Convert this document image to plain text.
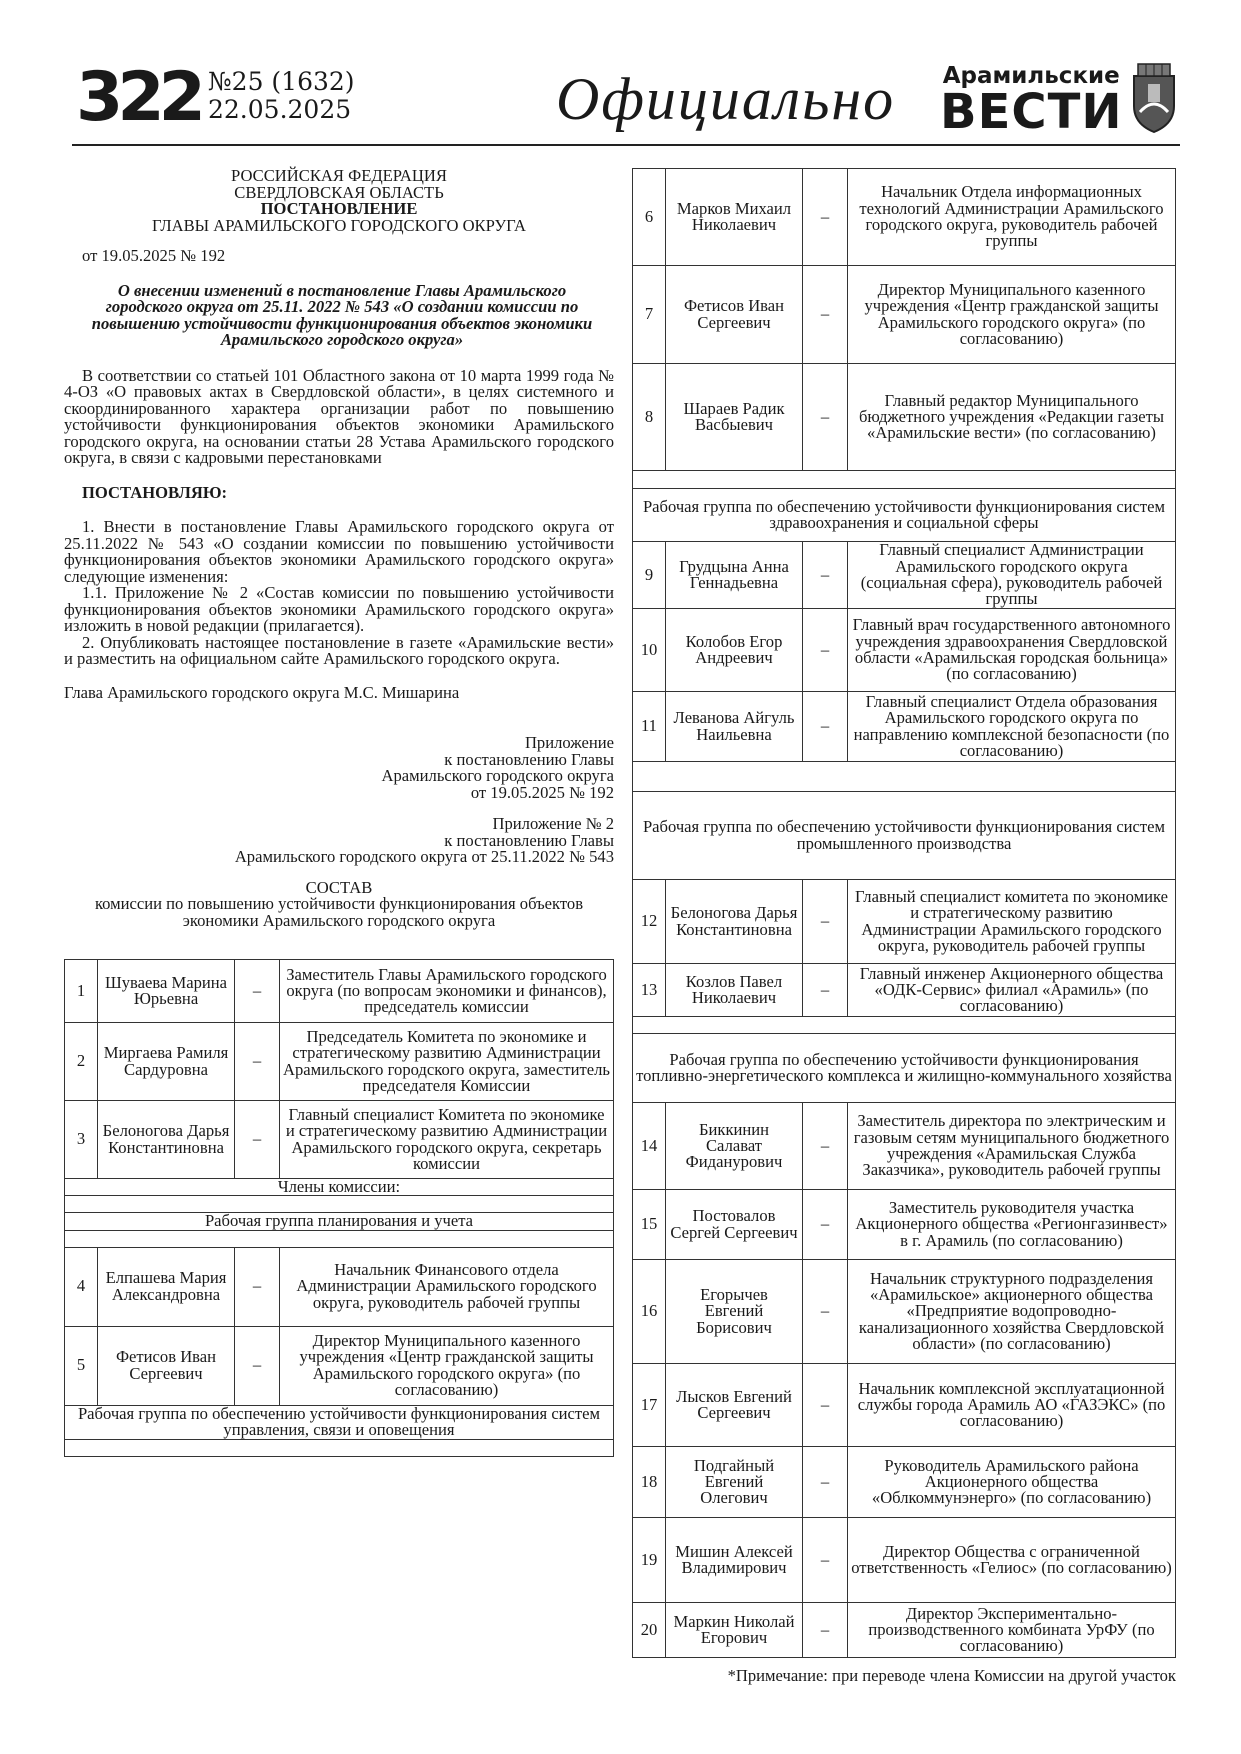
322 №25 (1632)
22.05.2025	Официально Арамильские
ВЕСТИ

РОССИЙСКАЯ ФЕДЕРАЦИЯ

СВЕРДЛОВСКАЯ ОБЛАСТЬ

ПОСТАНОВЛЕНИЕ

ГЛАВЫ АРАМИЛЬСКОГО ГОРОДСКОГО ОКРУГА

от 19.05.2025 № 192

О внесении изменений в постановление Главы Арамильского городского округа от 25.11. 2022 № 543 «О создании комиссии по повышению устойчивости функционирования объектов экономики Арамильского городского округа»

В соответствии со статьей 101 Областного закона от 10 марта 1999 года № 4-ОЗ «О правовых актах в Свердловской области», в целях системного и скоординированного характера организации работ по повышению устойчивости функционирования объектов экономики Арамильского городского округа, на основании статьи 28 Устава Арамильского городского округа, в связи с кадровыми перестановками

ПОСТАНОВЛЯЮ:

1. Внести в постановление Главы Арамильского городского округа от 25.11.2022 № 543 «О создании комиссии по повышению устойчивости функционирования объектов экономики Арамильского городского округа» следующие изменения:

1.1. Приложение № 2 «Состав комиссии по повышению устойчивости функционирования объектов экономики Арамильского городского округа» изложить в новой редакции (прилагается).

2. Опубликовать настоящее постановление в газете «Арамильские вести» и разместить на официальном сайте Арамильского городского округа.

Глава Арамильского городского округа М.С. Мишарина

Приложение

к постановлению Главы

Арамильского городского округа

от 19.05.2025 № 192

Приложение № 2

к постановлению Главы

Арамильского городского округа от 25.11.2022 № 543

СОСТАВ

комиссии по повышению устойчивости функционирования объектов экономики Арамильского городского округа

1	Шуваева Марина Юрьевна	–	Заместитель Главы Арамильского городского округа (по вопросам экономики и финансов), председатель комиссии
2	Миргаева Рамиля Сардуровна	–	Председатель Комитета по экономике и стратегическому развитию Администрации Арамильского городского округа, заместитель председателя Комиссии
3	Белоногова Дарья Константиновна	–	Главный специалист Комитета по экономике и стратегическому развитию Администрации Арамильского городского округа, секретарь комиссии
Члены комиссии:			

Рабочая группа планирования и учета			

4	Елпашева Мария Александровна	–	Начальник Финансового отдела Администрации Арамильского городского округа, руководитель рабочей группы
5	Фетисов Иван Сергеевич	–	Директор Муниципального казенного учреждения «Центр гражданской защиты Арамильского городского округа» (по согласованию)
Рабочая группа по обеспечению устойчивости функционирования систем управления, связи и оповещения			

6	Марков Михаил Николаевич	–	Начальник Отдела информационных технологий Администрации Арамильского городского округа, руководитель рабочей группы
7	Фетисов Иван Сергеевич	–	Директор Муниципального казенного учреждения «Центр гражданской защиты Арамильского городского округа» (по согласованию)
8	Шараев Радик Васбыевич	–	Главный редактор Муниципального бюджетного учреждения «Редакции газеты «Арамильские вести» (по согласованию)

Рабочая группа по обеспечению устойчивости функционирования систем здравоохранения и социальной сферы			
9	Грудцына Анна Геннадьевна	–	Главный специалист Администрации Арамильского городского округа (социальная сфера), руководитель рабочей группы
10	Колобов Егор Андреевич	–	Главный врач государственного автономного учреждения здравоохранения Свердловской области «Арамильская городская больница» (по согласованию)
11	Леванова Айгуль Наильевна	–	Главный специалист Отдела образования Арамильского городского округа по направлению комплексной безопасности (по согласованию)

Рабочая группа по обеспечению устойчивости функционирования систем промышленного производства			
12	Белоногова Дарья Константиновна	–	Главный специалист комитета по экономике и стратегическому развитию Администрации Арамильского городского округа, руководитель рабочей группы
13	Козлов Павел Николаевич	–	Главный инженер Акционерного общества «ОДК-Сервис» филиал «Арамиль» (по согласованию)

Рабочая группа по обеспечению устойчивости функционирования топливно-энергетического комплекса и жилищно-коммунального хозяйства			
14	Биккинин Салават Фиданурович	–	Заместитель директора по электрическим и газовым сетям муниципального бюджетного учреждения «Арамильская Служба Заказчика», руководитель рабочей группы
15	Постовалов Сергей Сергеевич	–	Заместитель руководителя участка Акционерного общества «Регионгазинвест» в г. Арамиль (по согласованию)
16	Егорычев Евгений Борисович	–	Начальник структурного подразделения «Арамильское» акционерного общества «Предприятие водопроводно-канализационного хозяйства Свердловской области» (по согласованию)
17	Лысков Евгений Сергеевич	–	Начальник комплексной эксплуатационной службы города Арамиль АО «ГАЗЭКС» (по согласованию)
18	Подгайный Евгений Олегович	–	Руководитель Арамильского района Акционерного общества «Облкоммунэнерго» (по согласованию)
19	Мишин Алексей Владимирович	–	Директор Общества с ограниченной ответственность «Гелиос» (по согласованию)
20	Маркин Николай Егорович	–	Директор Экспериментально-производственного комбината УрФУ (по согласованию)
*Примечание: при переводе члена Комиссии на другой участок
